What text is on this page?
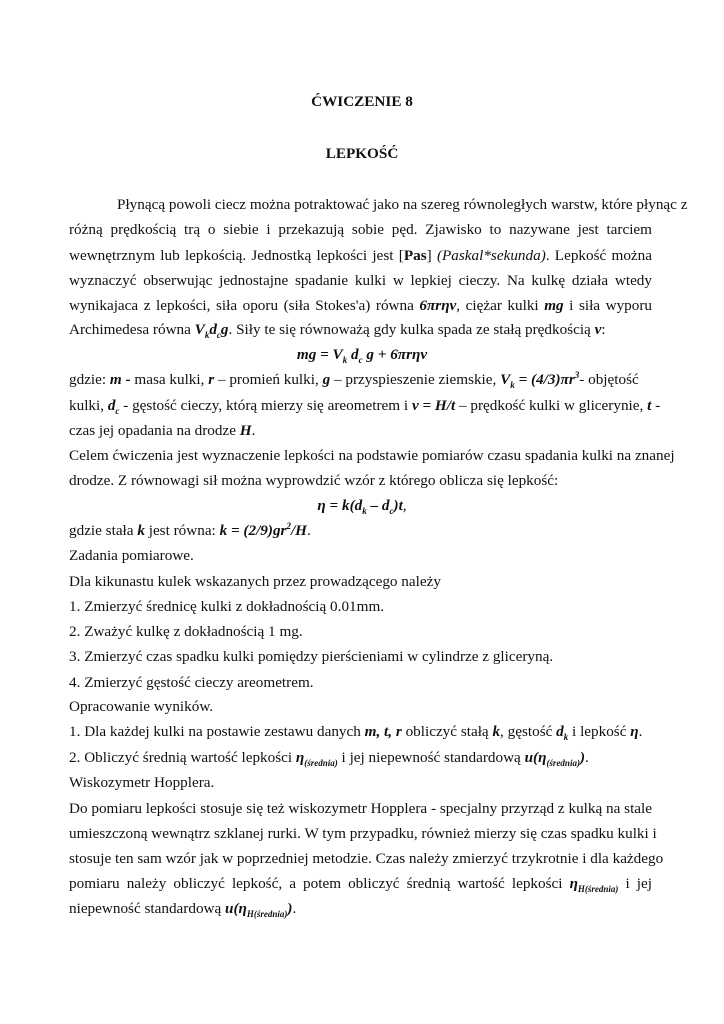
ĆWICZENIE 8
LEPKOŚĆ
Płynącą powoli ciecz można potraktować jako na szereg równoległych warstw, które płynąc z
różną prędkością trą o siebie i przekazują sobie pęd. Zjawisko to nazywane jest tarciem
wewnętrznym lub lepkością. Jednostką lepkości jest [Pas] (Paskal*sekunda). Lepkość można
wyznaczyć obserwując jednostajne spadanie kulki w lepkiej cieczy. Na kulkę działa wtedy
wynikajaca z lepkości, siła oporu (siła Stokes'a) równa 6πrηv, ciężar kulki mg i siła wyporu
Archimedesa równa $V_kd_cg$. Siły te się równoważą gdy kulka spada ze stałą prędkością v:
mg = $V_k$ $d_c$ g + 6πrηv
gdzie: m - masa kulki, r – promień kulki, g – przyspieszenie ziemskie, $V_k = (4/3)\pi r^3-$ objętość
kulki, $d_c$ - gęstość cieczy, którą mierzy się areometrem i v = H/t – prędkość kulki w glicerynie, t -
czas jej opadania na drodze H.
Celem ćwiczenia jest wyznaczenie lepkości na podstawie pomiarów czasu spadania kulki na znanej
drodze. Z równowagi sił można wyprowdzić wzór z którego oblicza się lepkość:
$\eta = k(d_k - d_c)t$,
gdzie stała k jest równa: $k = (2/9)gr^2/H$.
Zadania pomiarowe.
Dla kikunastu kulek wskazanych przez prowadzącego należy
1. Zmierzyć średnicę kulki z dokładnością 0.01mm.
2. Zważyć kulkę z dokładnością 1 mg.
3. Zmierzyć czas spadku kulki pomiędzy pierścieniami w cylindrze z gliceryną.
4. Zmierzyć gęstość cieczy areometrem.
Opracowanie wyników.
1. Dla każdej kulki na postawie zestawu danych m, t, r obliczyć stałą k, gęstość $d_k$ i lepkość η.
2. Obliczyć średnią wartość lepkości $\eta_{(średnia)}$ i jej niepewność standardową $u(\eta_{(średnia)})$.
Wiskozymetr Hopplera.
Do pomiaru lepkości stosuje się też wiskozymetr Hopplera - specjalny przyrząd z kulką na stale
umieszczoną wewnątrz szklanej rurki. W tym przypadku, również mierzy się czas spadku kulki i
stosuje ten sam wzór jak w poprzedniej metodzie. Czas należy zmierzyć trzykrotnie i dla każdego
pomiaru należy obliczyć lepkość, a potem obliczyć średnią wartość lepkości $\eta_{H(średnia)}$ i jej
niepewność standardową $u(\eta_{H(średnia)})$.
